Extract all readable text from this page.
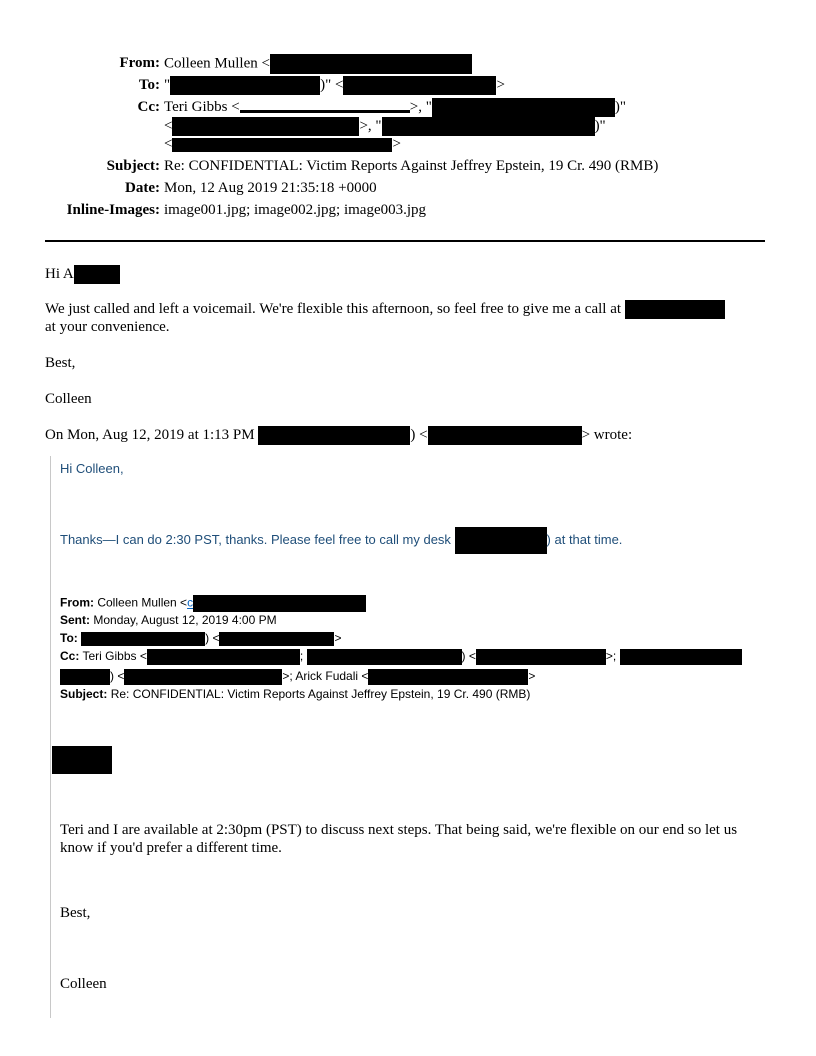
From: Colleen Mullen <
To: "	)" <	>
Cc: Teri Gibbs <	>, "	)"
<	>, "	)"
<	>
Subject: Re: CONFIDENTIAL: Victim Reports Against Jeffrey Epstein, 19 Cr. 490 (RMB)
Date: Mon, 12 Aug 2019 21:35:18 +0000
Inline-Images: image001.jpg; image002.jpg; image003.jpg
Hi A
We just called and left a voicemail. We're flexible this afternoon, so feel free to give me a call at
at your convenience.
Best,
Colleen
On Mon, Aug 12, 2019 at 1:13 PM	) <	> wrote:
Hi Colleen,
Thanks—I can do 2:30 PST, thanks. Please feel free to call my desk	) at that time.
From: Colleen Mullen <c
Sent: Monday, August 12, 2019 4:00 PM
To:	) <	>
Cc: Teri Gibbs <	;	) <	>;
) <	>; Arick Fudali <	>
Subject: Re: CONFIDENTIAL: Victim Reports Against Jeffrey Epstein, 19 Cr. 490 (RMB)
Teri and I are available at 2:30pm (PST) to discuss next steps. That being said, we're flexible on our end so let us know if you'd prefer a different time.
Best,
Colleen
